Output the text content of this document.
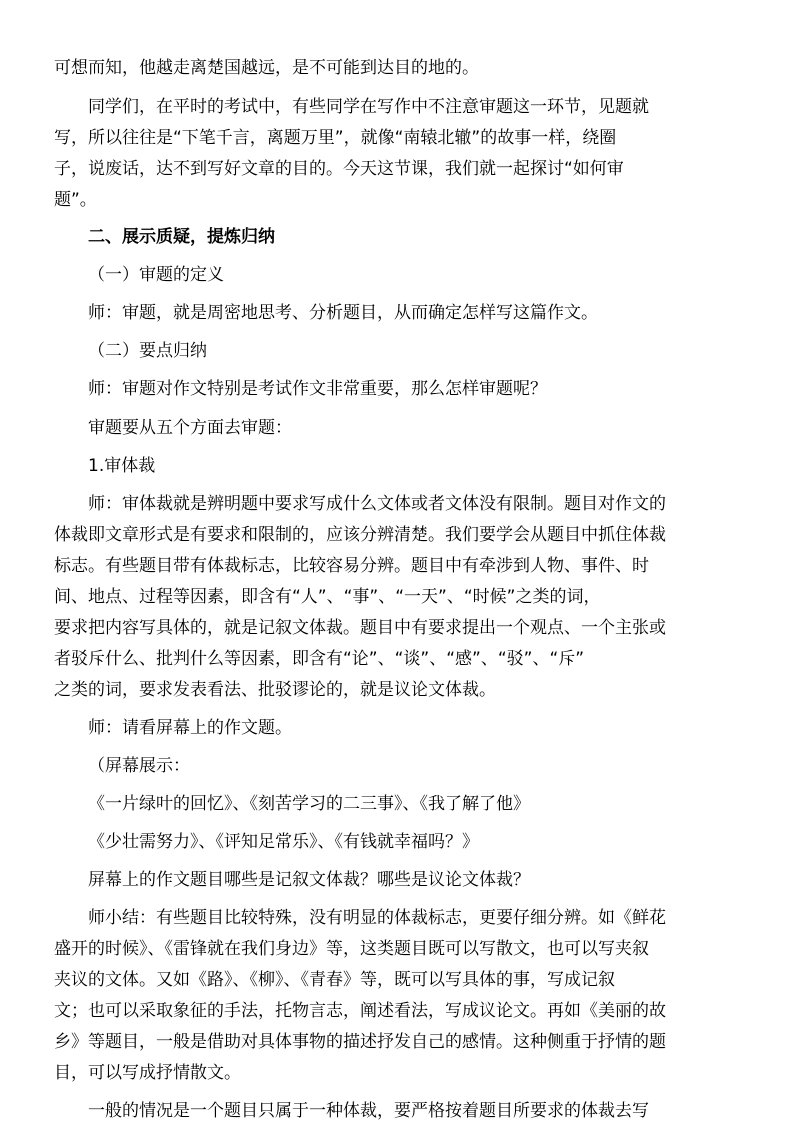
可想而知，他越走离楚国越远，是不可能到达目的地的。
同学们，在平时的考试中，有些同学在写作中不注意审题这一环节，见题就
写，所以往往是“下笔千言，离题万里”，就像“南辕北辙”的故事一样，绕圈
子，说废话，达不到写好文章的目的。今天这节课，我们就一起探讨“如何审
题”。
二、展示质疑，提炼归纳
（一）审题的定义
师：审题，就是周密地思考、分析题目，从而确定怎样写这篇作文。
（二）要点归纳
师：审题对作文特别是考试作文非常重要，那么怎样审题呢？
审题要从五个方面去审题：
1.审体裁
师：审体裁就是辨明题中要求写成什么文体或者文体没有限制。题目对作文的
体裁即文章形式是有要求和限制的，应该分辨清楚。我们要学会从题目中抓住体裁
标志。有些题目带有体裁标志，比较容易分辨。题目中有牵涉到人物、事件、时
间、地点、过程等因素，即含有“人”、“事”、“一天”、“时候”之类的词，
要求把内容写具体的，就是记叙文体裁。题目中有要求提出一个观点、一个主张或
者驳斥什么、批判什么等因素，即含有“论”、“谈”、“感”、“驳”、“斥”
之类的词，要求发表看法、批驳谬论的，就是议论文体裁。
师：请看屏幕上的作文题。
（屏幕展示：
《一片绿叶的回忆》、《刻苦学习的二三事》、《我了解了他》
《少壮需努力》、《评知足常乐》、《有钱就幸福吗？》
屏幕上的作文题目哪些是记叙文体裁？哪些是议论文体裁？
师小结：有些题目比较特殊，没有明显的体裁标志，更要仔细分辨。如《鲜花
盛开的时候》、《雷锋就在我们身边》等，这类题目既可以写散文，也可以写夹叙
夹议的文体。又如《路》、《柳》、《青春》等，既可以写具体的事，写成记叙
文；也可以采取象征的手法，托物言志，阐述看法，写成议论文。再如《美丽的故
乡》等题目，一般是借助对具体事物的描述抒发自己的感情。这种侧重于抒情的题
目，可以写成抒情散文。
一般的情况是一个题目只属于一种体裁，要严格按着题目所要求的体裁去写
